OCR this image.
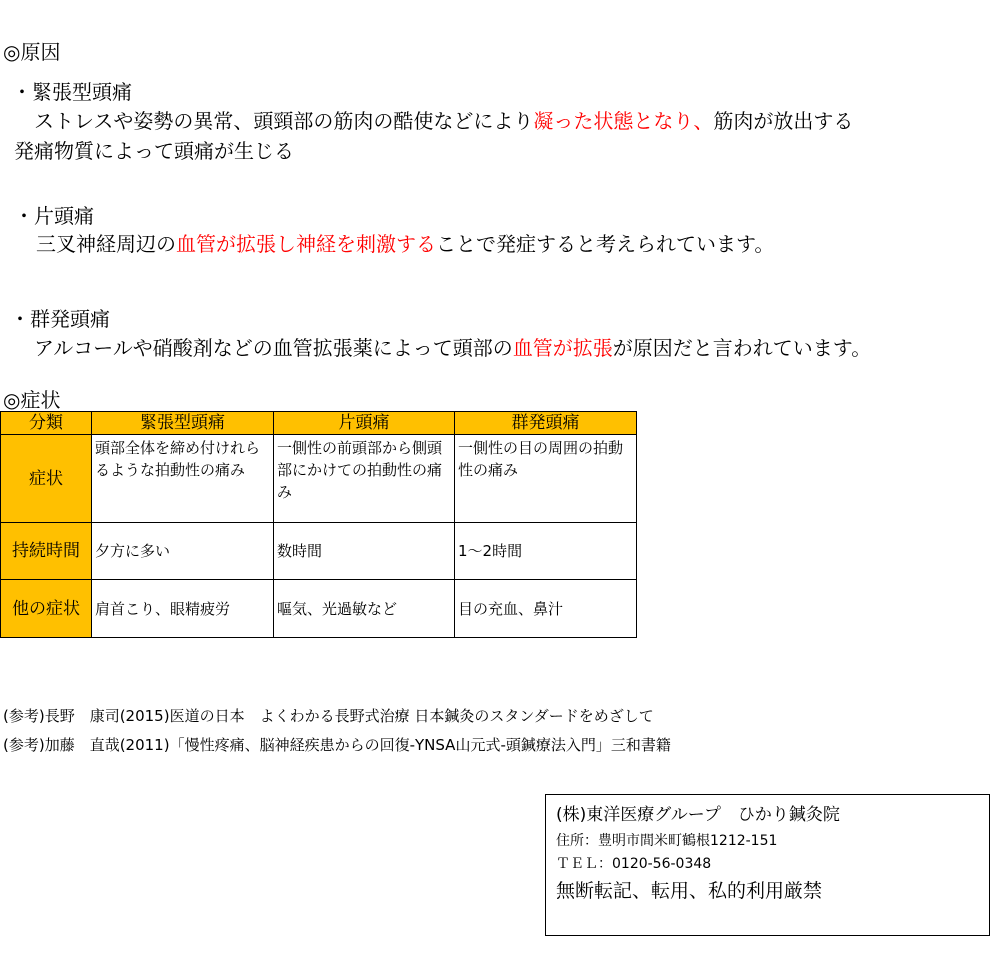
◎原因
・緊張型頭痛
ストレスや姿勢の異常、頭頸部の筋肉の酷使などにより凝った状態となり、筋肉が放出する
発痛物質によって頭痛が生じる
・片頭痛
三叉神経周辺の血管が拡張し神経を刺激することで発症すると考えられています。
・群発頭痛
アルコールや硝酸剤などの血管拡張薬によって頭部の血管が拡張が原因だと言われています。
◎症状
分類	緊張型頭痛	片頭痛	群発頭痛
症状	頭部全体を締め付けれらるような拍動性の痛み	一側性の前頭部から側頭部にかけての拍動性の痛み	一側性の目の周囲の拍動性の痛み
持続時間	夕方に多い	数時間	1～2時間
他の症状	肩首こり、眼精疲労	嘔気、光過敏など	目の充血、鼻汁
(参考)長野　康司(2015)医道の日本　よくわかる長野式治療 日本鍼灸のスタンダードをめざして
(参考)加藤　直哉(2011)「慢性疼痛、脳神経疾患からの回復-YNSA山元式-頭鍼療法入門」三和書籍
(株)東洋医療グループ　ひかり鍼灸院
住所：豊明市間米町鶴根1212-151
ＴＥＬ：0120-56-0348
無断転記、転用、私的利用厳禁
